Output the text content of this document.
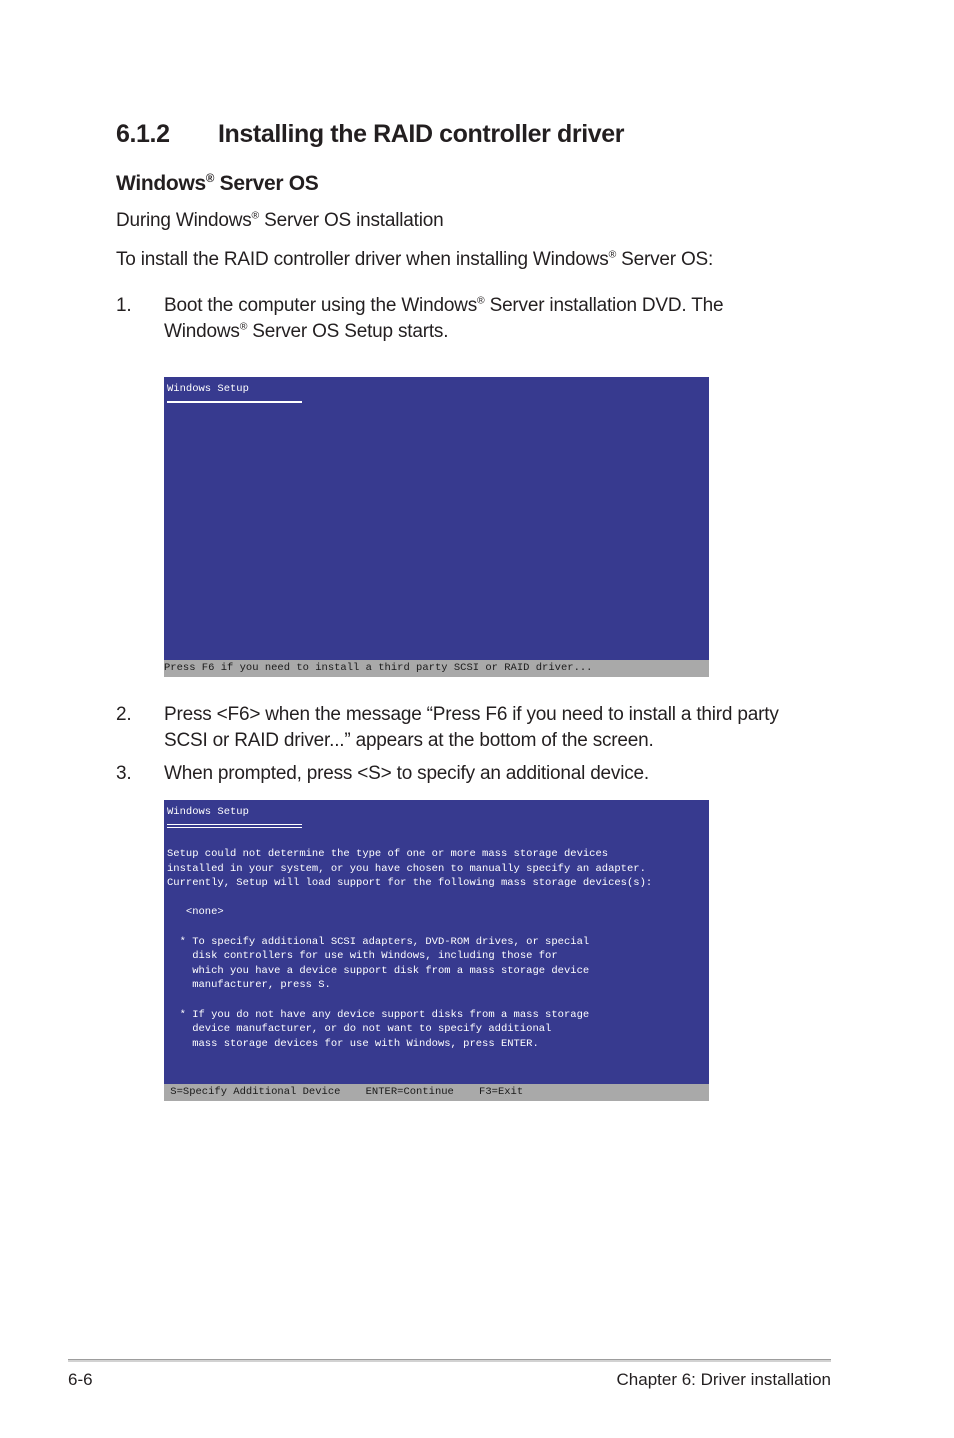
6.1.2 Installing the RAID controller driver
Windows® Server OS
During Windows® Server OS installation
To install the RAID controller driver when installing Windows® Server OS:
1.	Boot the computer using the Windows® Server installation DVD. The
Windows® Server OS Setup starts.
Windows Setup
Press F6 if you need to install a third party SCSI or RAID driver...
2.	Press <F6> when the message “Press F6 if you need to install a third party
SCSI or RAID driver...” appears at the bottom of the screen.
3.	When prompted, press <S> to specify an additional device.
Windows Setup
Setup could not determine the type of one or more mass storage devices
installed in your system, or you have chosen to manually specify an adapter.
Currently, Setup will load support for the following mass storage devices(s):

<none>

* To specify additional SCSI adapters, DVD-ROM drives, or special
disk controllers for use with Windows, including those for
which you have a device support disk from a mass storage device
manufacturer, press S.

* If you do not have any device support disks from a mass storage
device manufacturer, or do not want to specify additional
mass storage devices for use with Windows, press ENTER.
S=Specify Additional Device    ENTER=Continue    F3=Exit
6-6	Chapter 6: Driver installation
